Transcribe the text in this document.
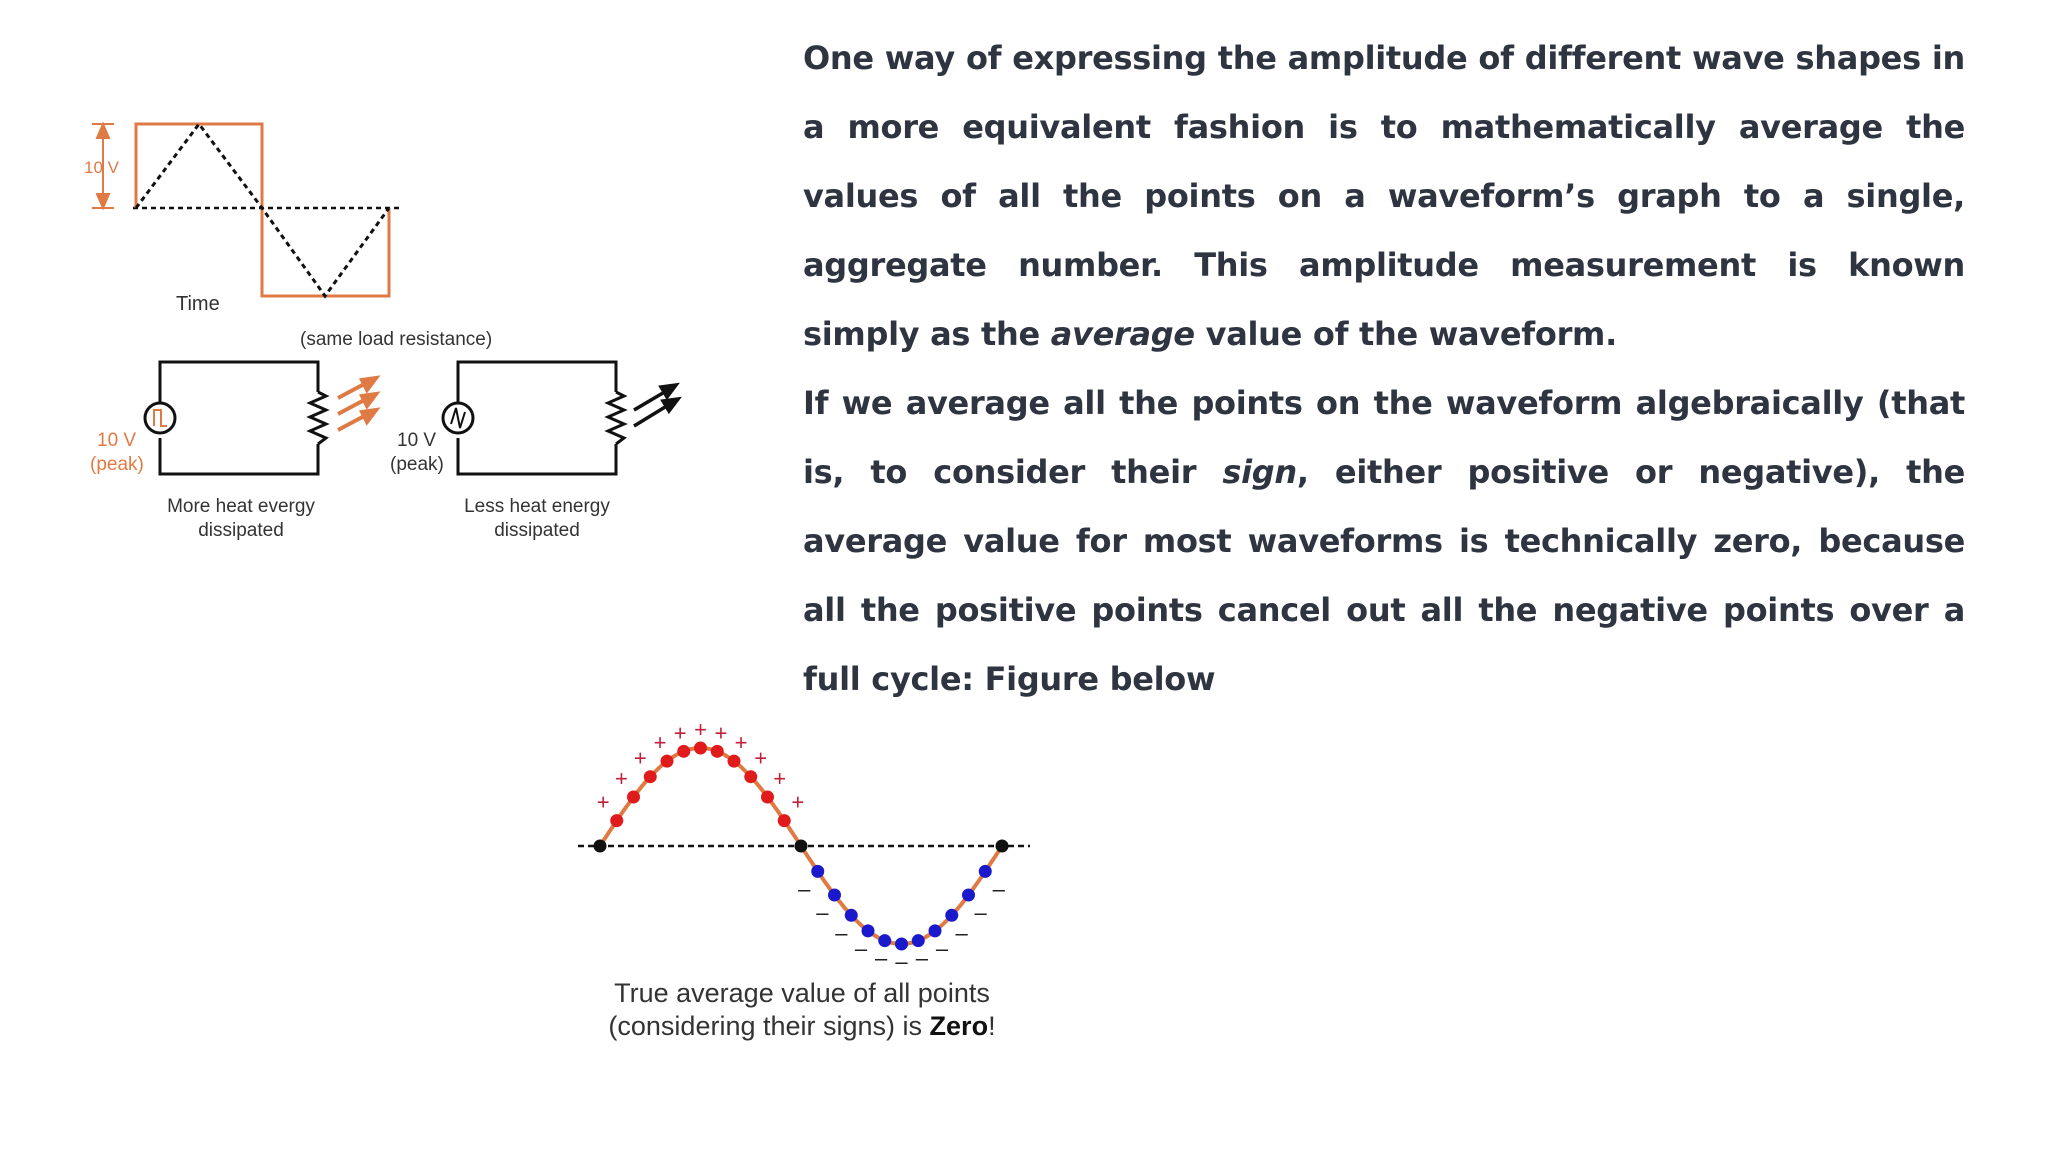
One way of expressing the amplitude of different wave shapes in a more equivalent fashion is to mathematically average the values of all the points on a waveform’s graph to a single, aggregate number. This amplitude measurement is known simply as the average value of the waveform.

If we average all the points on the waveform algebraically (that is, to consider their sign, either positive or negative), the average value for most waveforms is technically zero, because all the positive points cancel out all the negative points over a full cycle: Figure below

10 V
Time
(same load resistance)
10 V
(peak)
More heat evergy
dissipated
10 V
(peak)
Less heat energy
dissipated
+
+
+
+ + + + +
+
+
+
–
–
–
– – – – –
–
–
–
True average value of all points
(considering their signs) is Zero!
